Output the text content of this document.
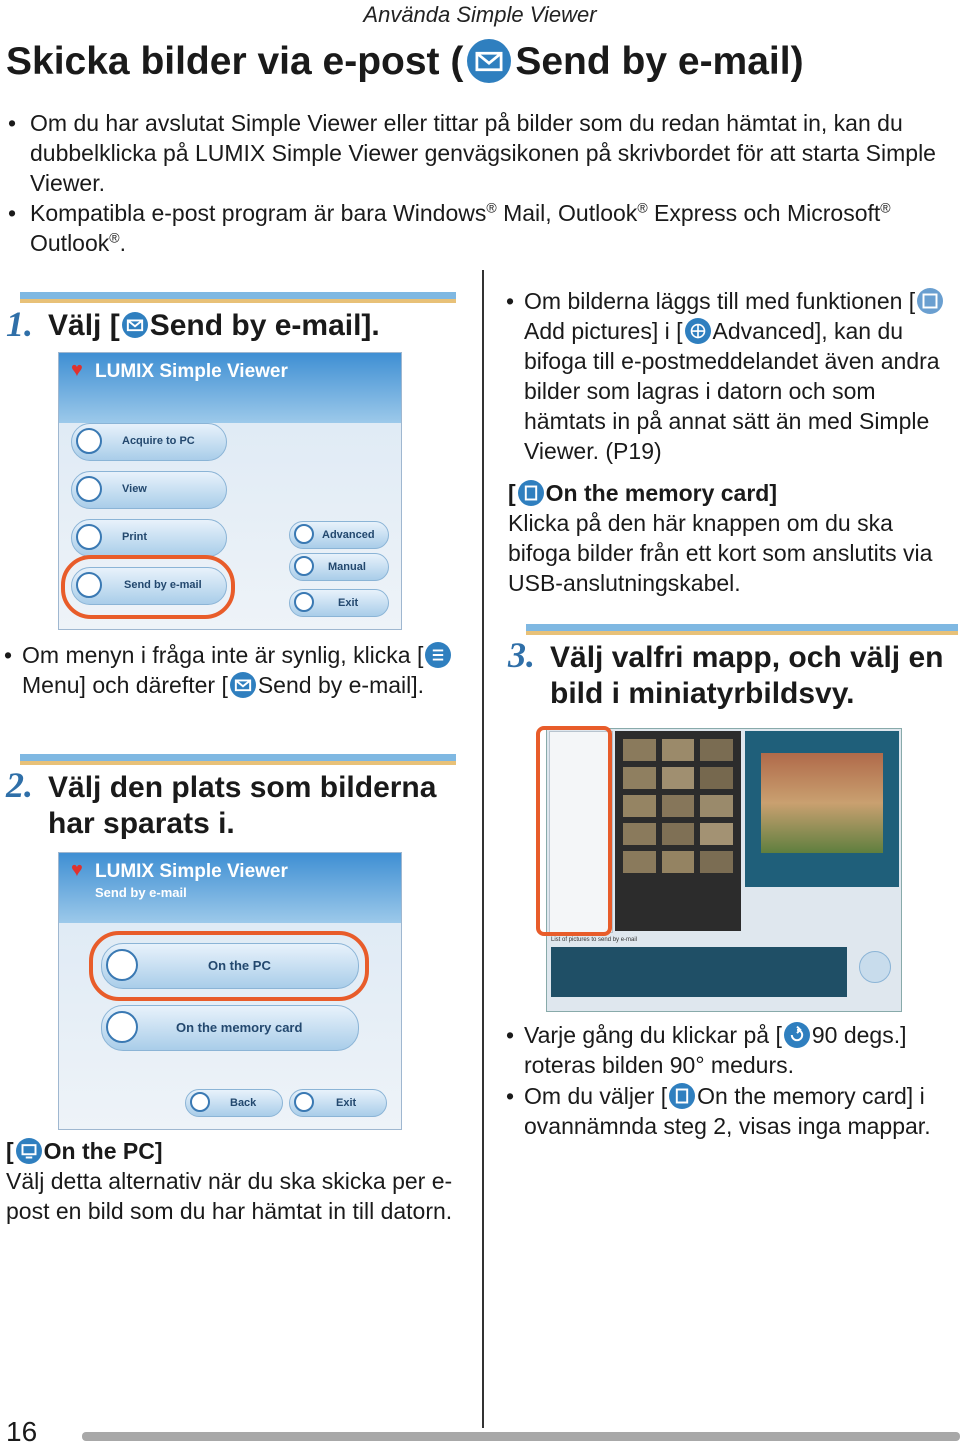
Använda Simple Viewer
Skicka bilder via e-post ( Send by e-mail)
• Om du har avslutat Simple Viewer eller tittar på bilder som du redan hämtat in, kan du dubbelklicka på LUMIX Simple Viewer genvägsikonen på skrivbordet för att starta Simple Viewer.
• Kompatibla e-post program är bara Windows® Mail, Outlook® Express och Microsoft® Outlook®.
1. Välj [ Send by e-mail].
♥ LUMIX Simple Viewer
Acquire to PC
View
Print
Send by e-mail
Advanced
Manual
Exit
• Om menyn i fråga inte är synlig, klicka [
Menu] och därefter [ Send by e-mail].
2. Välj den plats som bilderna har sparats i.
♥ LUMIX Simple Viewer
Send by e-mail
On the PC
On the memory card
Back	Exit
[ On the PC]
Välj detta alternativ när du ska skicka per e-post en bild som du har hämtat in till datorn.
• Om bilderna läggs till med funktionen [
Add pictures] i [ Advanced], kan du bifoga till e-postmeddelandet även andra bilder som lagras i datorn och som hämtats in på annat sätt än med Simple Viewer. (P19)
[ On the memory card]
Klicka på den här knappen om du ska bifoga bilder från ett kort som anslutits via USB-anslutningskabel.
3. Välj valfri mapp, och välj en bild i miniatyrbildsvy.
List of pictures to send by e-mail
• Varje gång du klickar på [ 90 degs.] roteras bilden 90° medurs.
• Om du väljer [ On the memory card] i ovannämnda steg 2, visas inga mappar.
16
